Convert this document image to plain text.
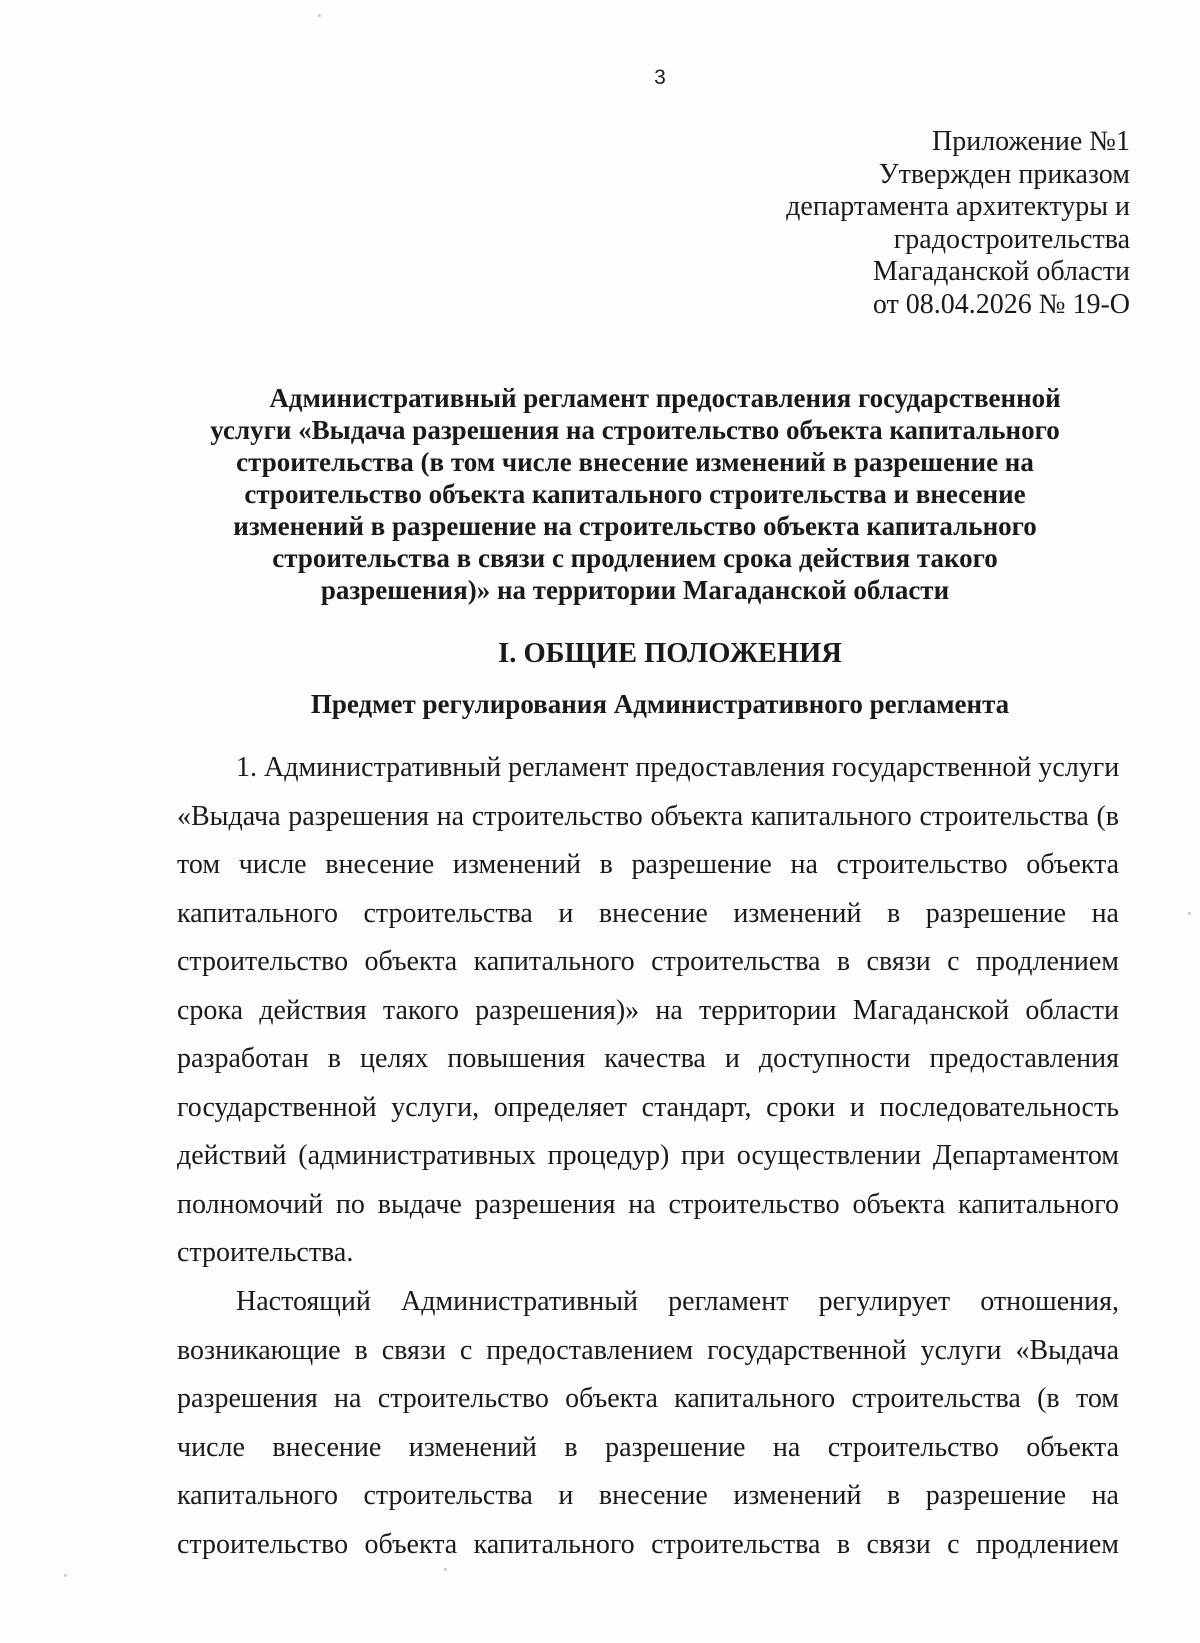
3
Приложение №1
Утвержден приказом
департамента архитектуры и
градостроительства
Магаданской области
от 08.04.2026 № 19-О
Административный регламент предоставления государственной
услуги «Выдача разрешения на строительство объекта капитального
строительства (в том числе внесение изменений в разрешение на
строительство объекта капитального строительства и внесение
изменений в разрешение на строительство объекта капитального
строительства в связи с продлением срока действия такого
разрешения)» на территории Магаданской области
I. ОБЩИЕ ПОЛОЖЕНИЯ
Предмет регулирования Административного регламента
1. Административный регламент предоставления государственной услуги
«Выдача разрешения на строительство объекта капитального строительства (в
том числе внесение изменений в разрешение на строительство объекта
капитального строительства и внесение изменений в разрешение на
строительство объекта капитального строительства в связи с продлением
срока действия такого разрешения)» на территории Магаданской области
разработан в целях повышения качества и доступности предоставления
государственной услуги, определяет стандарт, сроки и последовательность
действий (административных процедур) при осуществлении Департаментом
полномочий по выдаче разрешения на строительство объекта капитального
строительства.
Настоящий Административный регламент регулирует отношения,
возникающие в связи с предоставлением государственной услуги «Выдача
разрешения на строительство объекта капитального строительства (в том
числе внесение изменений в разрешение на строительство объекта
капитального строительства и внесение изменений в разрешение на
строительство объекта капитального строительства в связи с продлением
